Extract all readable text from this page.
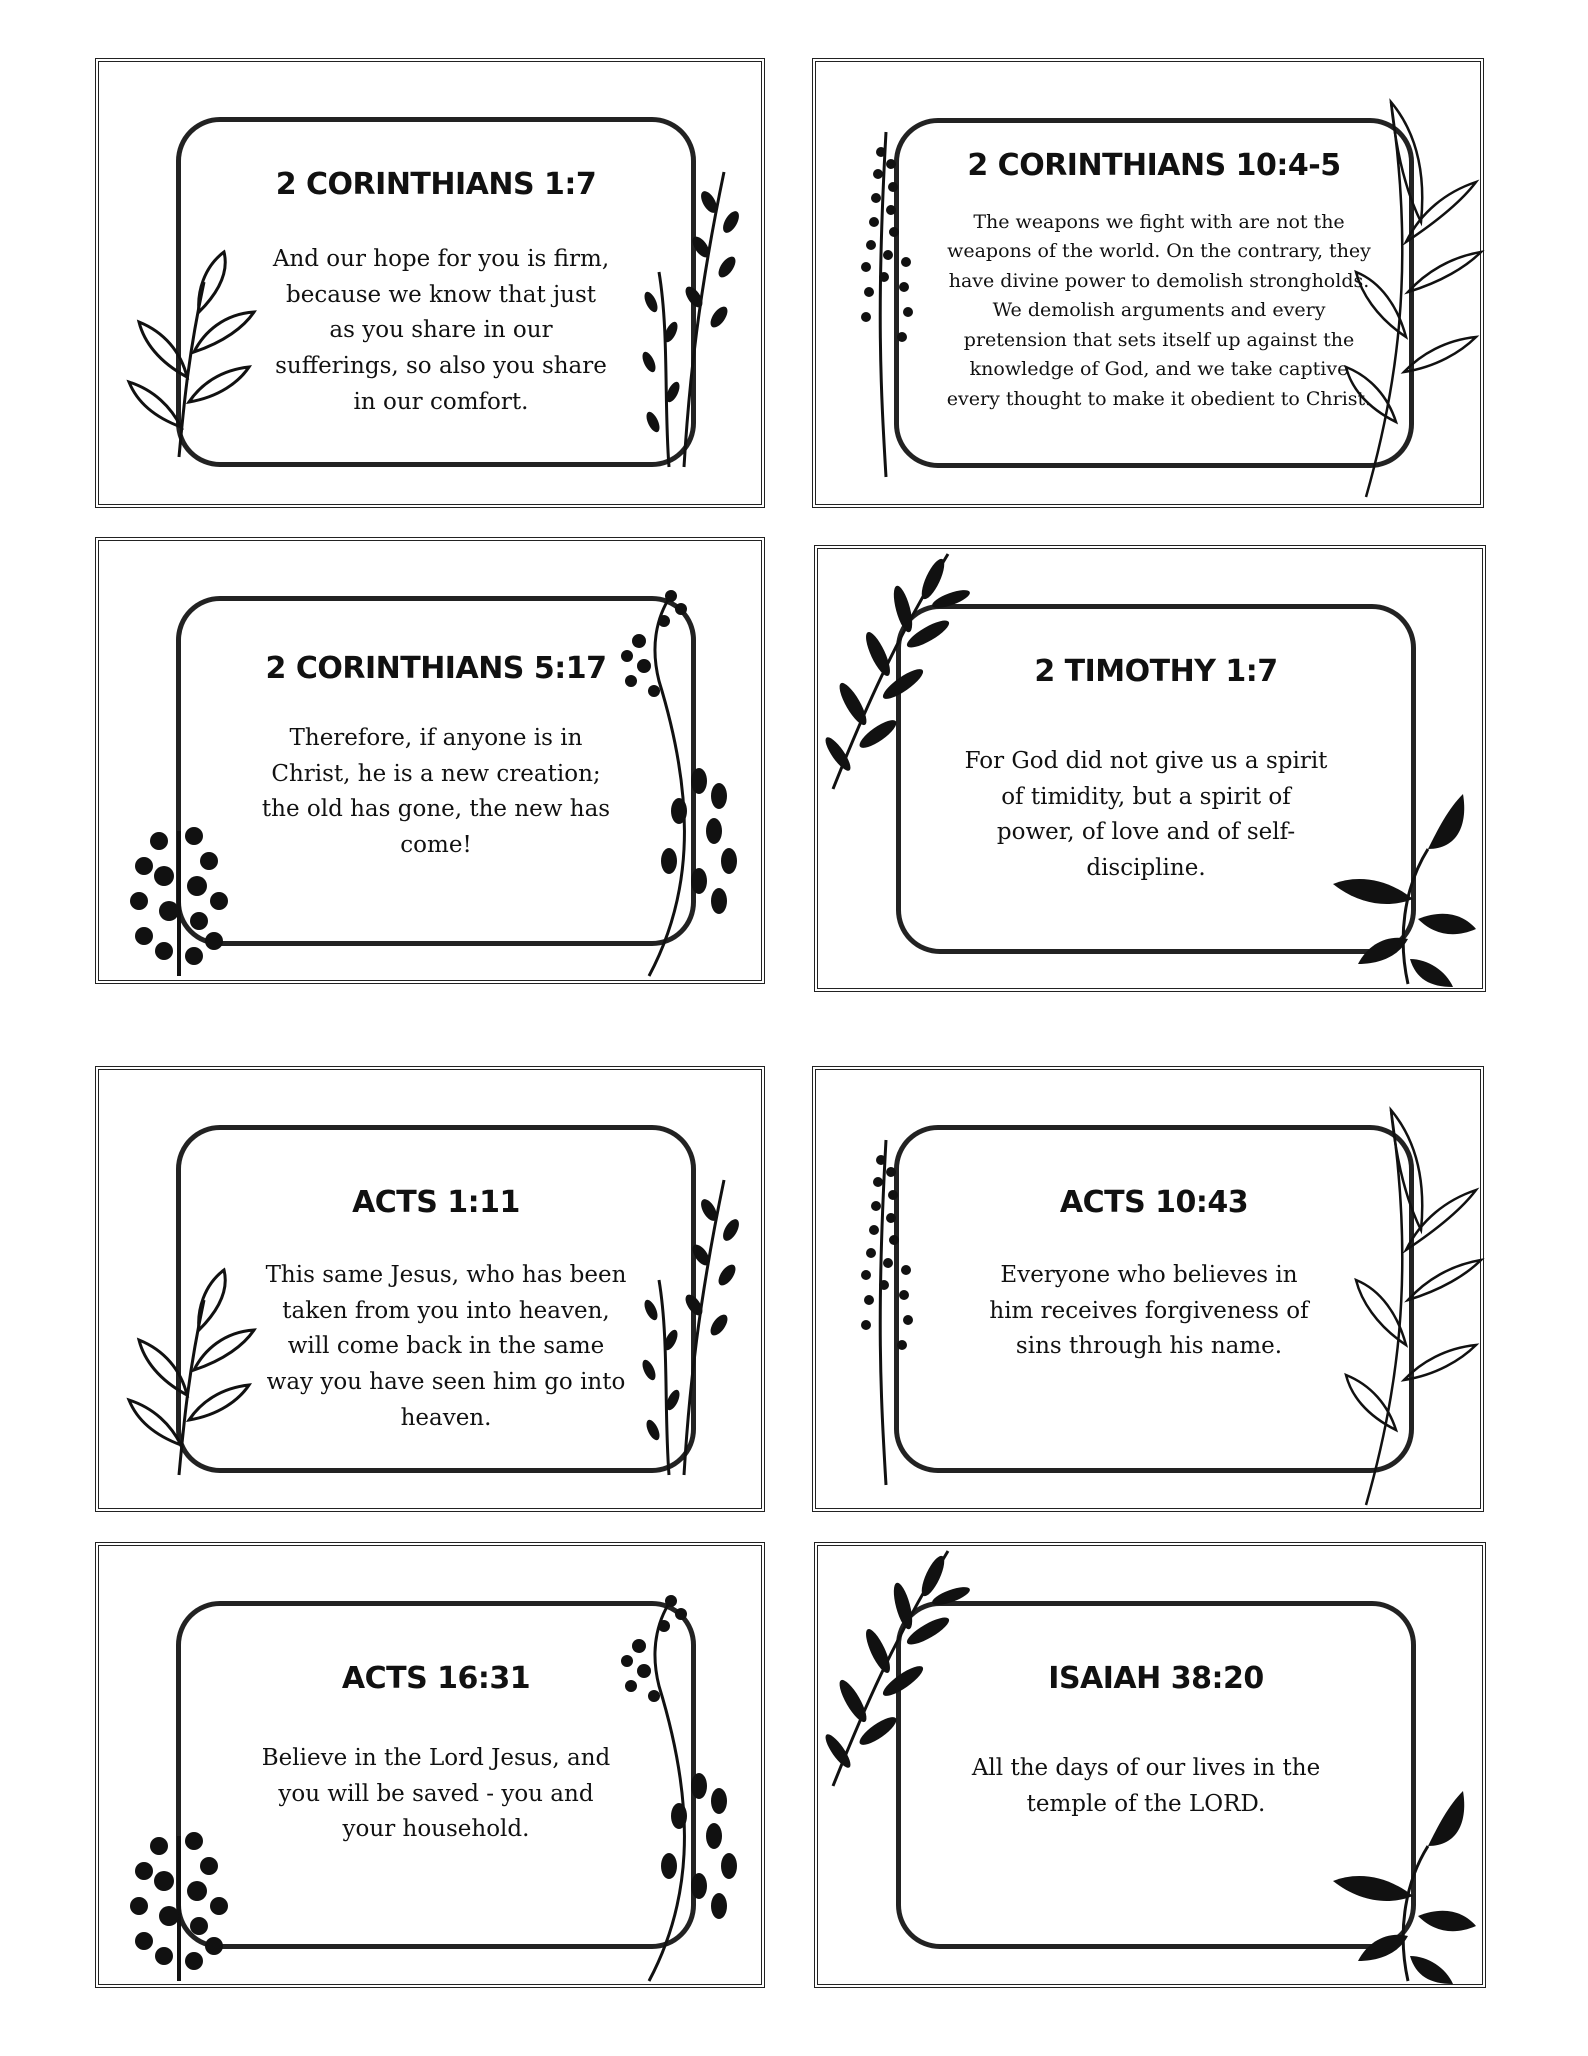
2 CORINTHIANS 1:7
And our hope for you is firm, because we know that just as you share in our sufferings, so also you share in our comfort.
2 CORINTHIANS 10:4-5
The weapons we fight with are not the weapons of the world. On the contrary, they have divine power to demolish strongholds. We demolish arguments and every pretension that sets itself up against the knowledge of God, and we take captive every thought to make it obedient to Christ.
2 CORINTHIANS 5:17
Therefore, if anyone is in Christ, he is a new creation; the old has gone, the new has come!
2 TIMOTHY 1:7
For God did not give us a spirit of timidity, but a spirit of power, of love and of self-discipline.
ACTS 1:11
This same Jesus, who has been taken from you into heaven, will come back in the same way you have seen him go into heaven.
ACTS 10:43
Everyone who believes in him receives forgiveness of sins through his name.
ACTS 16:31
Believe in the Lord Jesus, and you will be saved - you and your household.
ISAIAH 38:20
All the days of our lives in the temple of the LORD.
